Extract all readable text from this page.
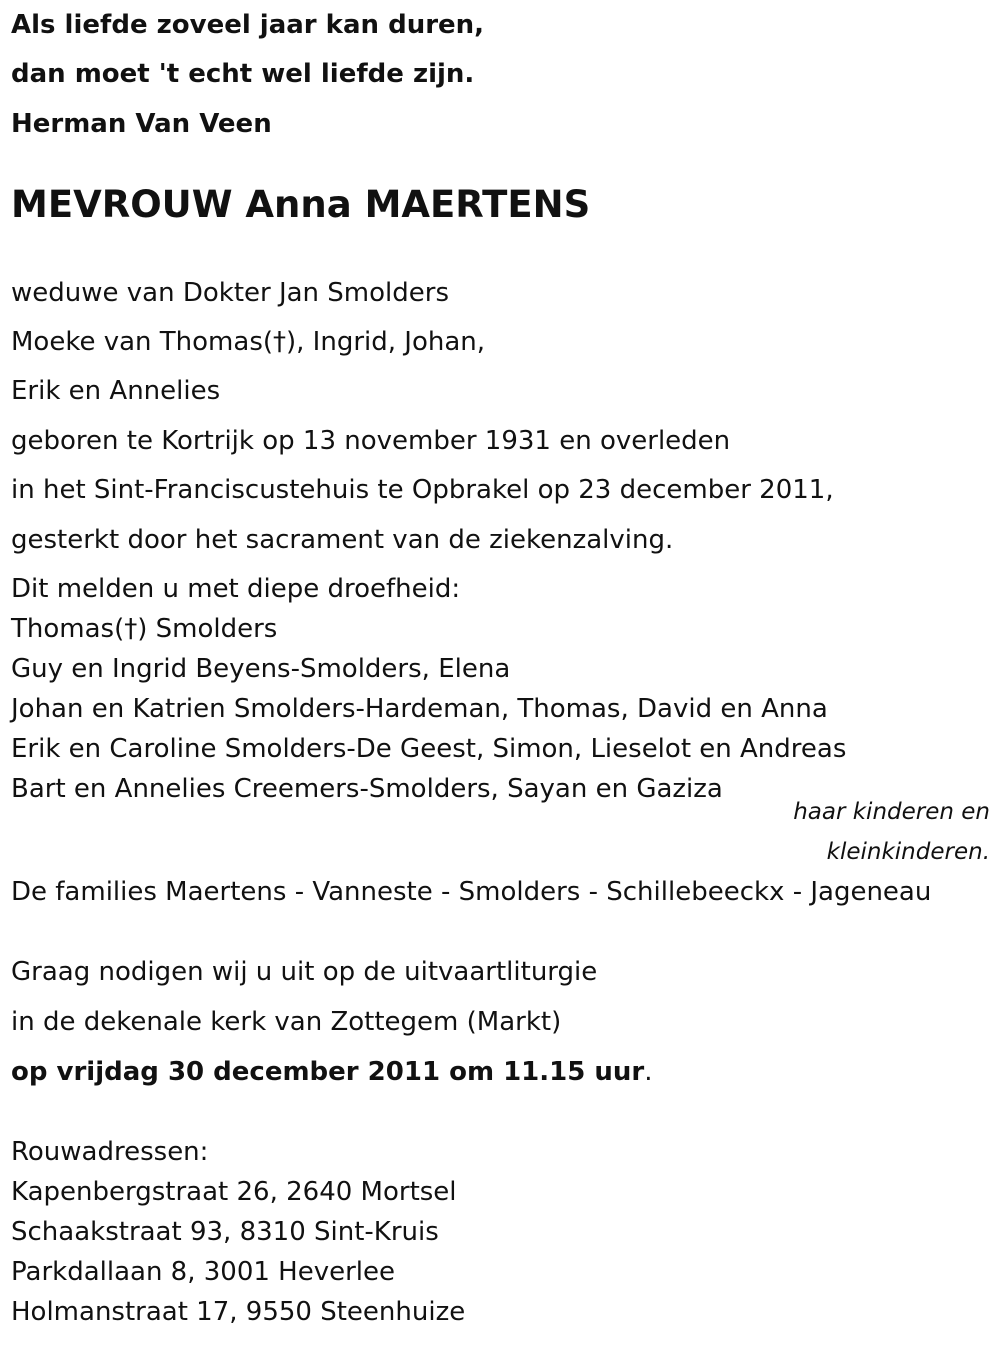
Als liefde zoveel jaar kan duren,

dan moet 't echt wel liefde zijn.

Herman Van Veen

MEVROUW Anna MAERTENS

weduwe van Dokter Jan Smolders

Moeke van Thomas(†), Ingrid, Johan,

Erik en Annelies

geboren te Kortrijk op 13 november 1931 en overleden

in het Sint-Franciscustehuis te Opbrakel op 23 december 2011,

gesterkt door het sacrament van de ziekenzalving.

Dit melden u met diepe droefheid:

Thomas(†) Smolders

Guy en Ingrid Beyens-Smolders, Elena

Johan en Katrien Smolders-Hardeman, Thomas, David en Anna

Erik en Caroline Smolders-De Geest, Simon, Lieselot en Andreas

Bart en Annelies Creemers-Smolders, Sayan en Gaziza

haar kinderen en
kleinkinderen.

De families Maertens - Vanneste - Smolders - Schillebeeckx - Jageneau

Graag nodigen wij u uit op de uitvaartliturgie

in de dekenale kerk van Zottegem (Markt)

op vrijdag 30 december 2011 om 11.15 uur.

Rouwadressen:

Kapenbergstraat 26, 2640 Mortsel

Schaakstraat 93, 8310 Sint-Kruis

Parkdallaan 8, 3001 Heverlee

Holmanstraat 17, 9550 Steenhuize
